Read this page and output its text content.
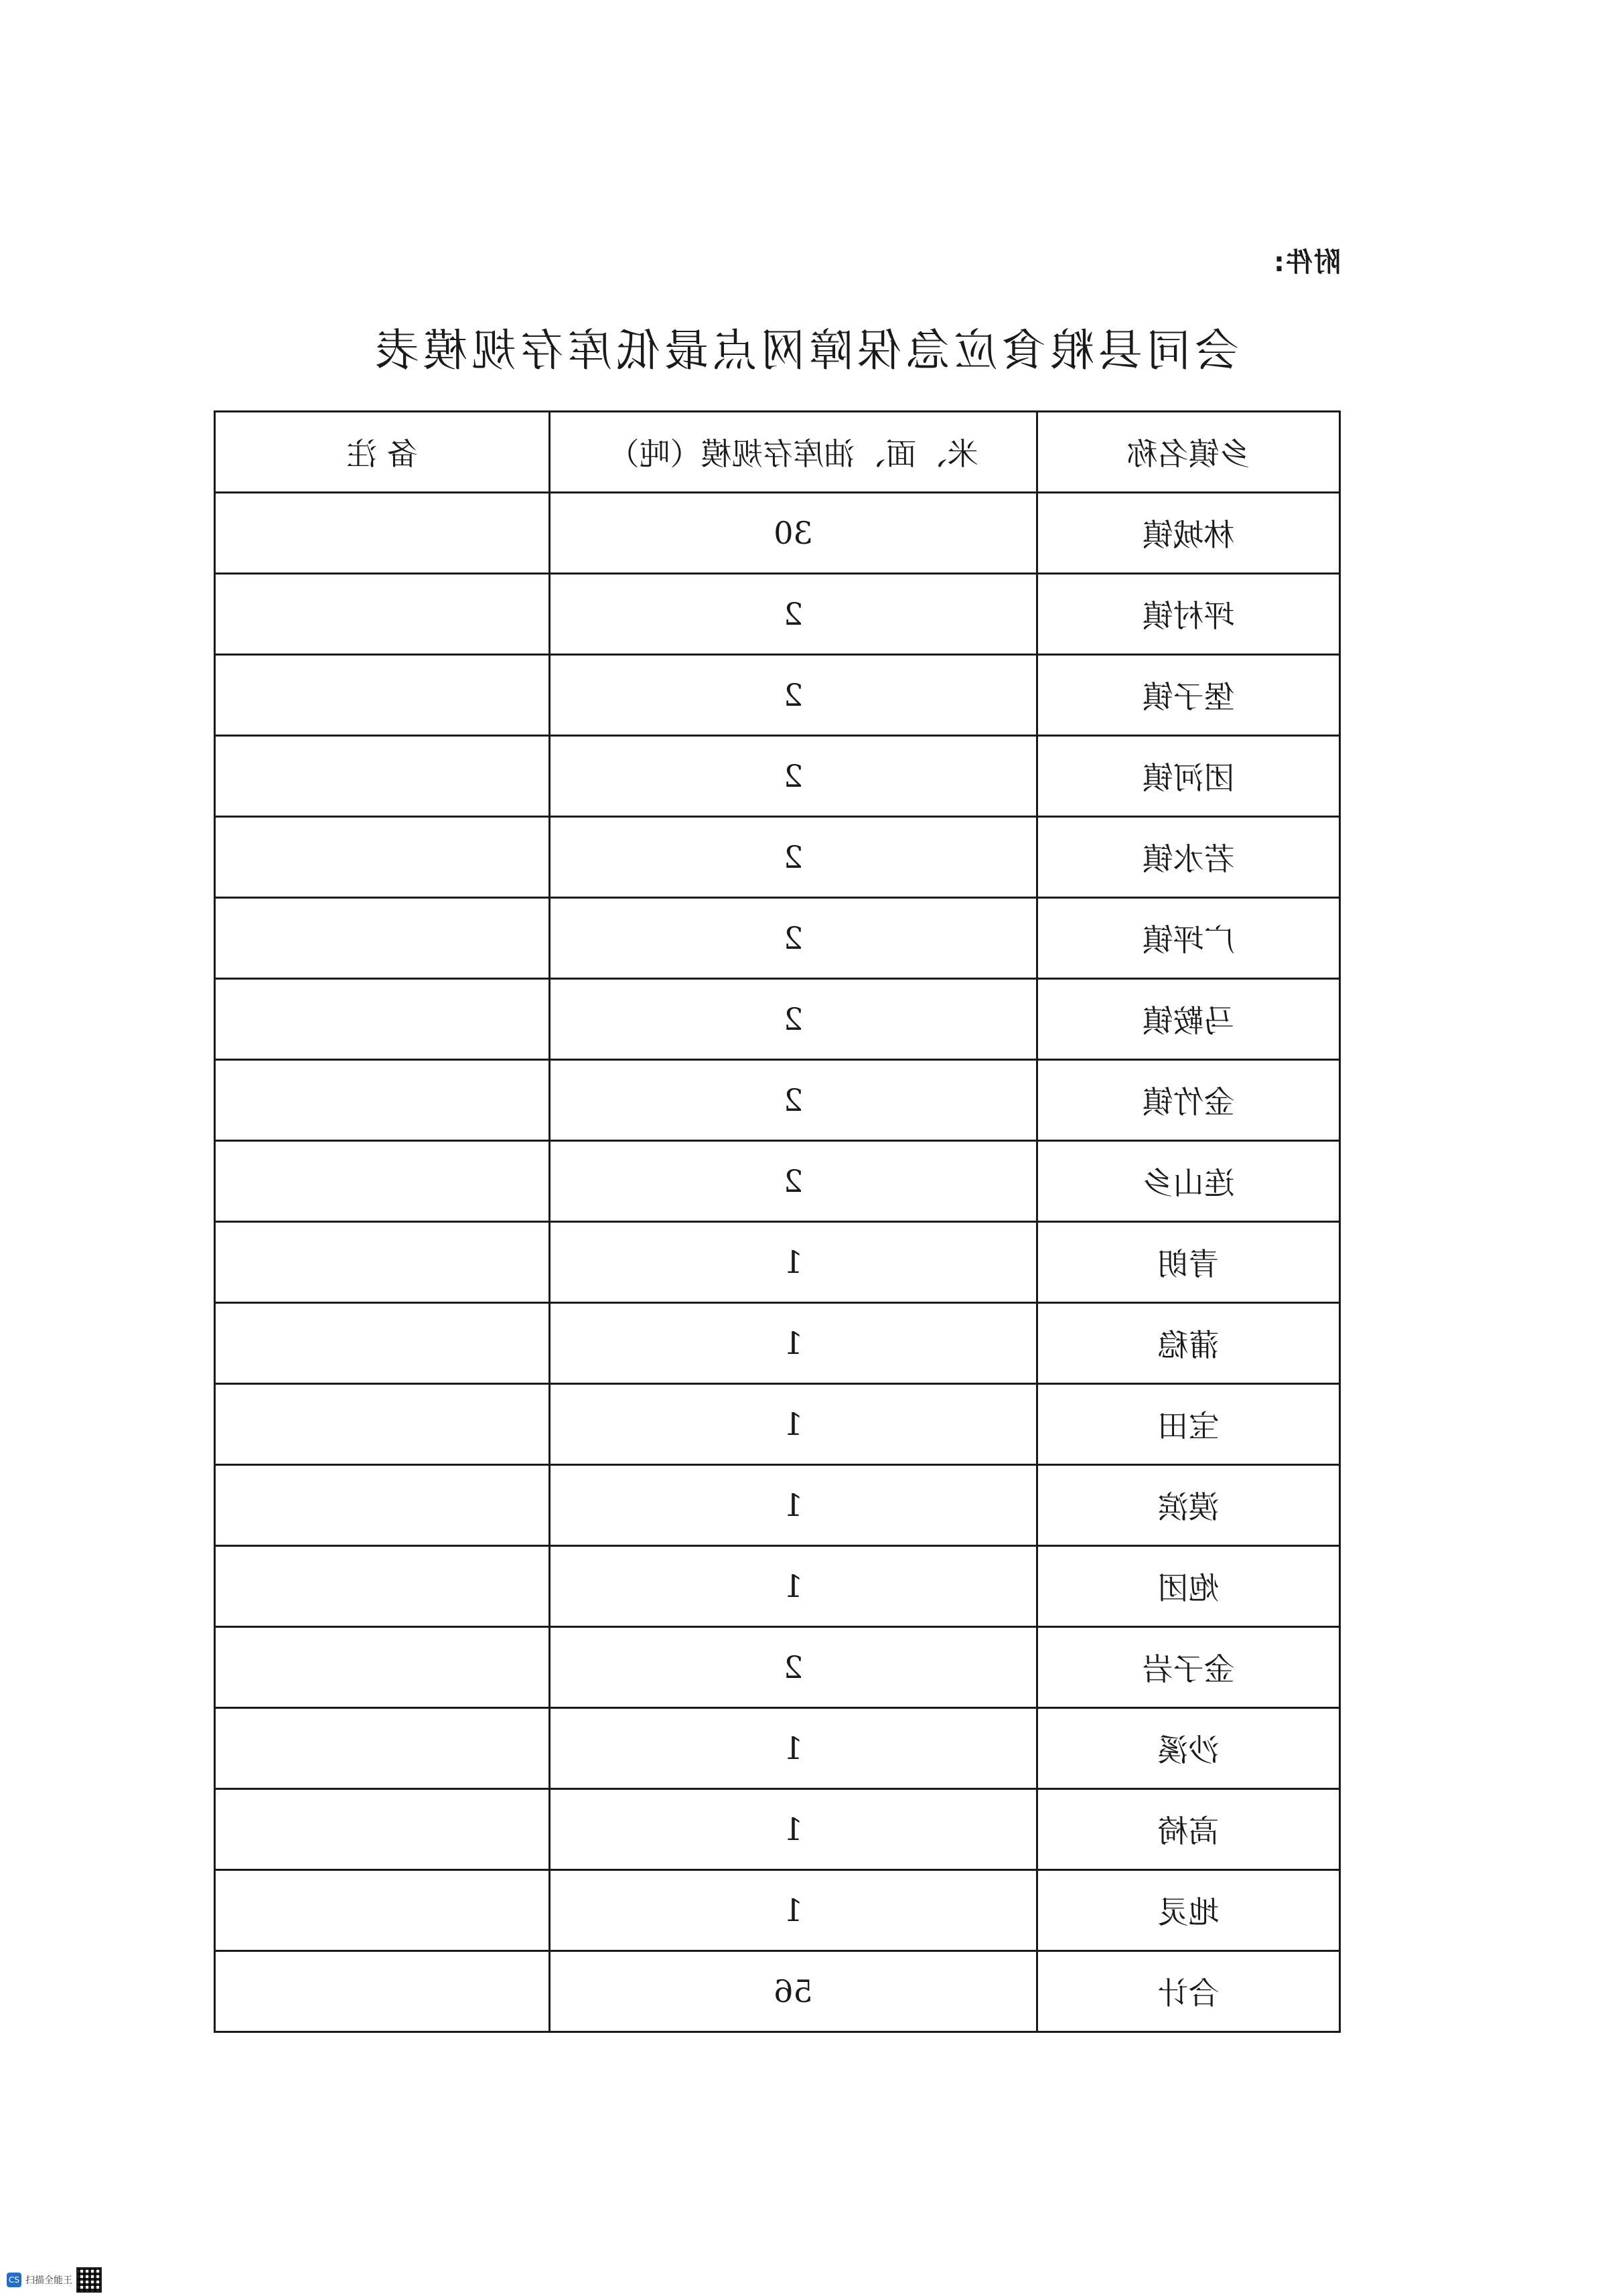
附件:
会同县粮食应急保障网点最低库存规模表
乡镇名称	米、面、油库存规模（吨）	备 注
林城镇	30	
坪村镇	2	
堡子镇	2	
团河镇	2	
若水镇	2	
广坪镇	2	
马鞍镇	2	
金竹镇	2	
连山乡	2	
青朗	1	
蒲稳	1	
宝田	1	
漠滨	1	
炮团	1	
金子岩	2	
沙溪	1	
高椅	1	
地灵	1	
合计	56	
CS 扫描全能王
